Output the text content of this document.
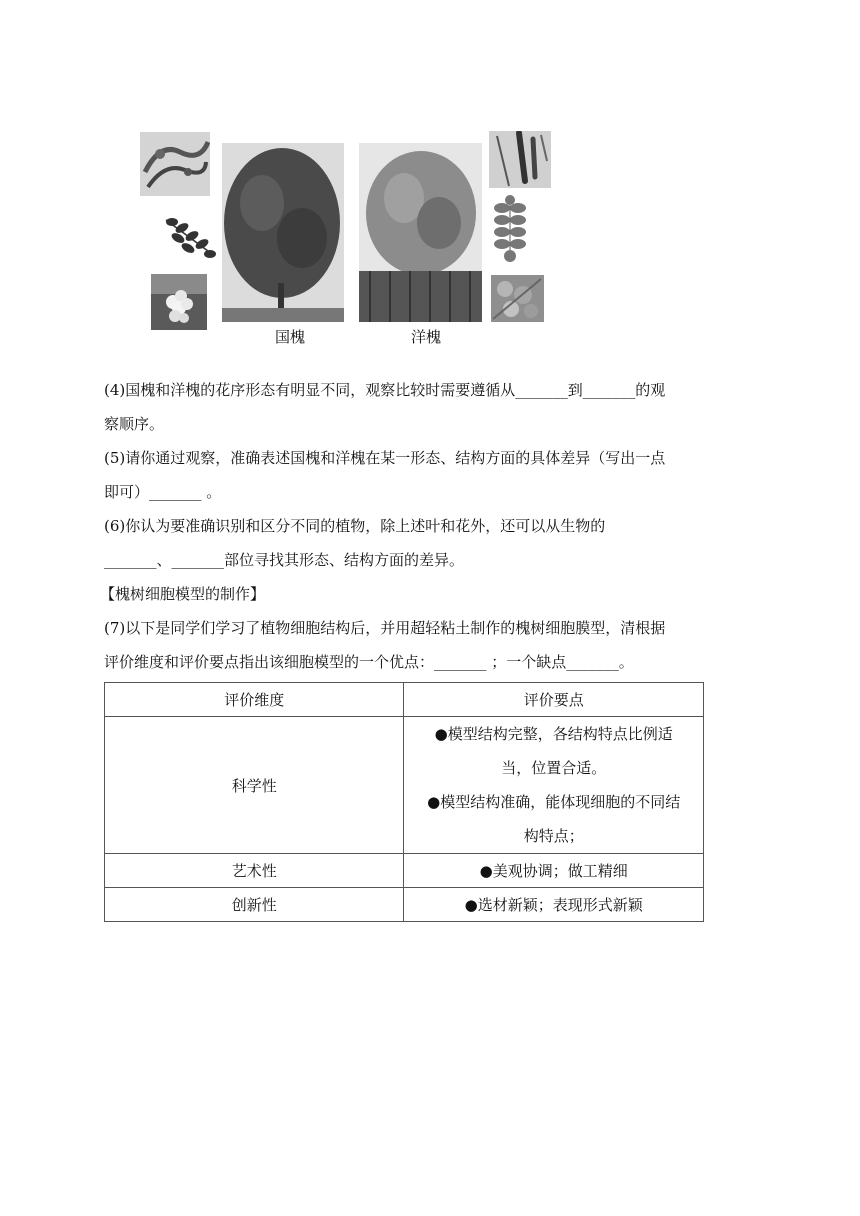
国槐	洋槐
(4)国槐和洋槐的花序形态有明显不同，观察比较时需要遵循从_______到_______的观
察顺序。
(5)请你通过观察，准确表述国槐和洋槐在某一形态、结构方面的具体差异（写出一点
即可）_______ 。
(6)你认为要准确识别和区分不同的植物，除上述叶和花外，还可以从生物的
_______、_______部位寻找其形态、结构方面的差异。
【槐树细胞模型的制作】
(7)以下是同学们学习了植物细胞结构后，并用超轻粘土制作的槐树细胞膜型，清根据
评价维度和评价要点指出该细胞模型的一个优点：_______ ；一个缺点_______。
评价维度	评价要点
科学性	●模型结构完整，各结构特点比例适
当，位置合适。
●模型结构准确，能体现细胞的不同结
构特点；

艺术性	●美观协调；做工精细
创新性	●选材新颖；表现形式新颖
